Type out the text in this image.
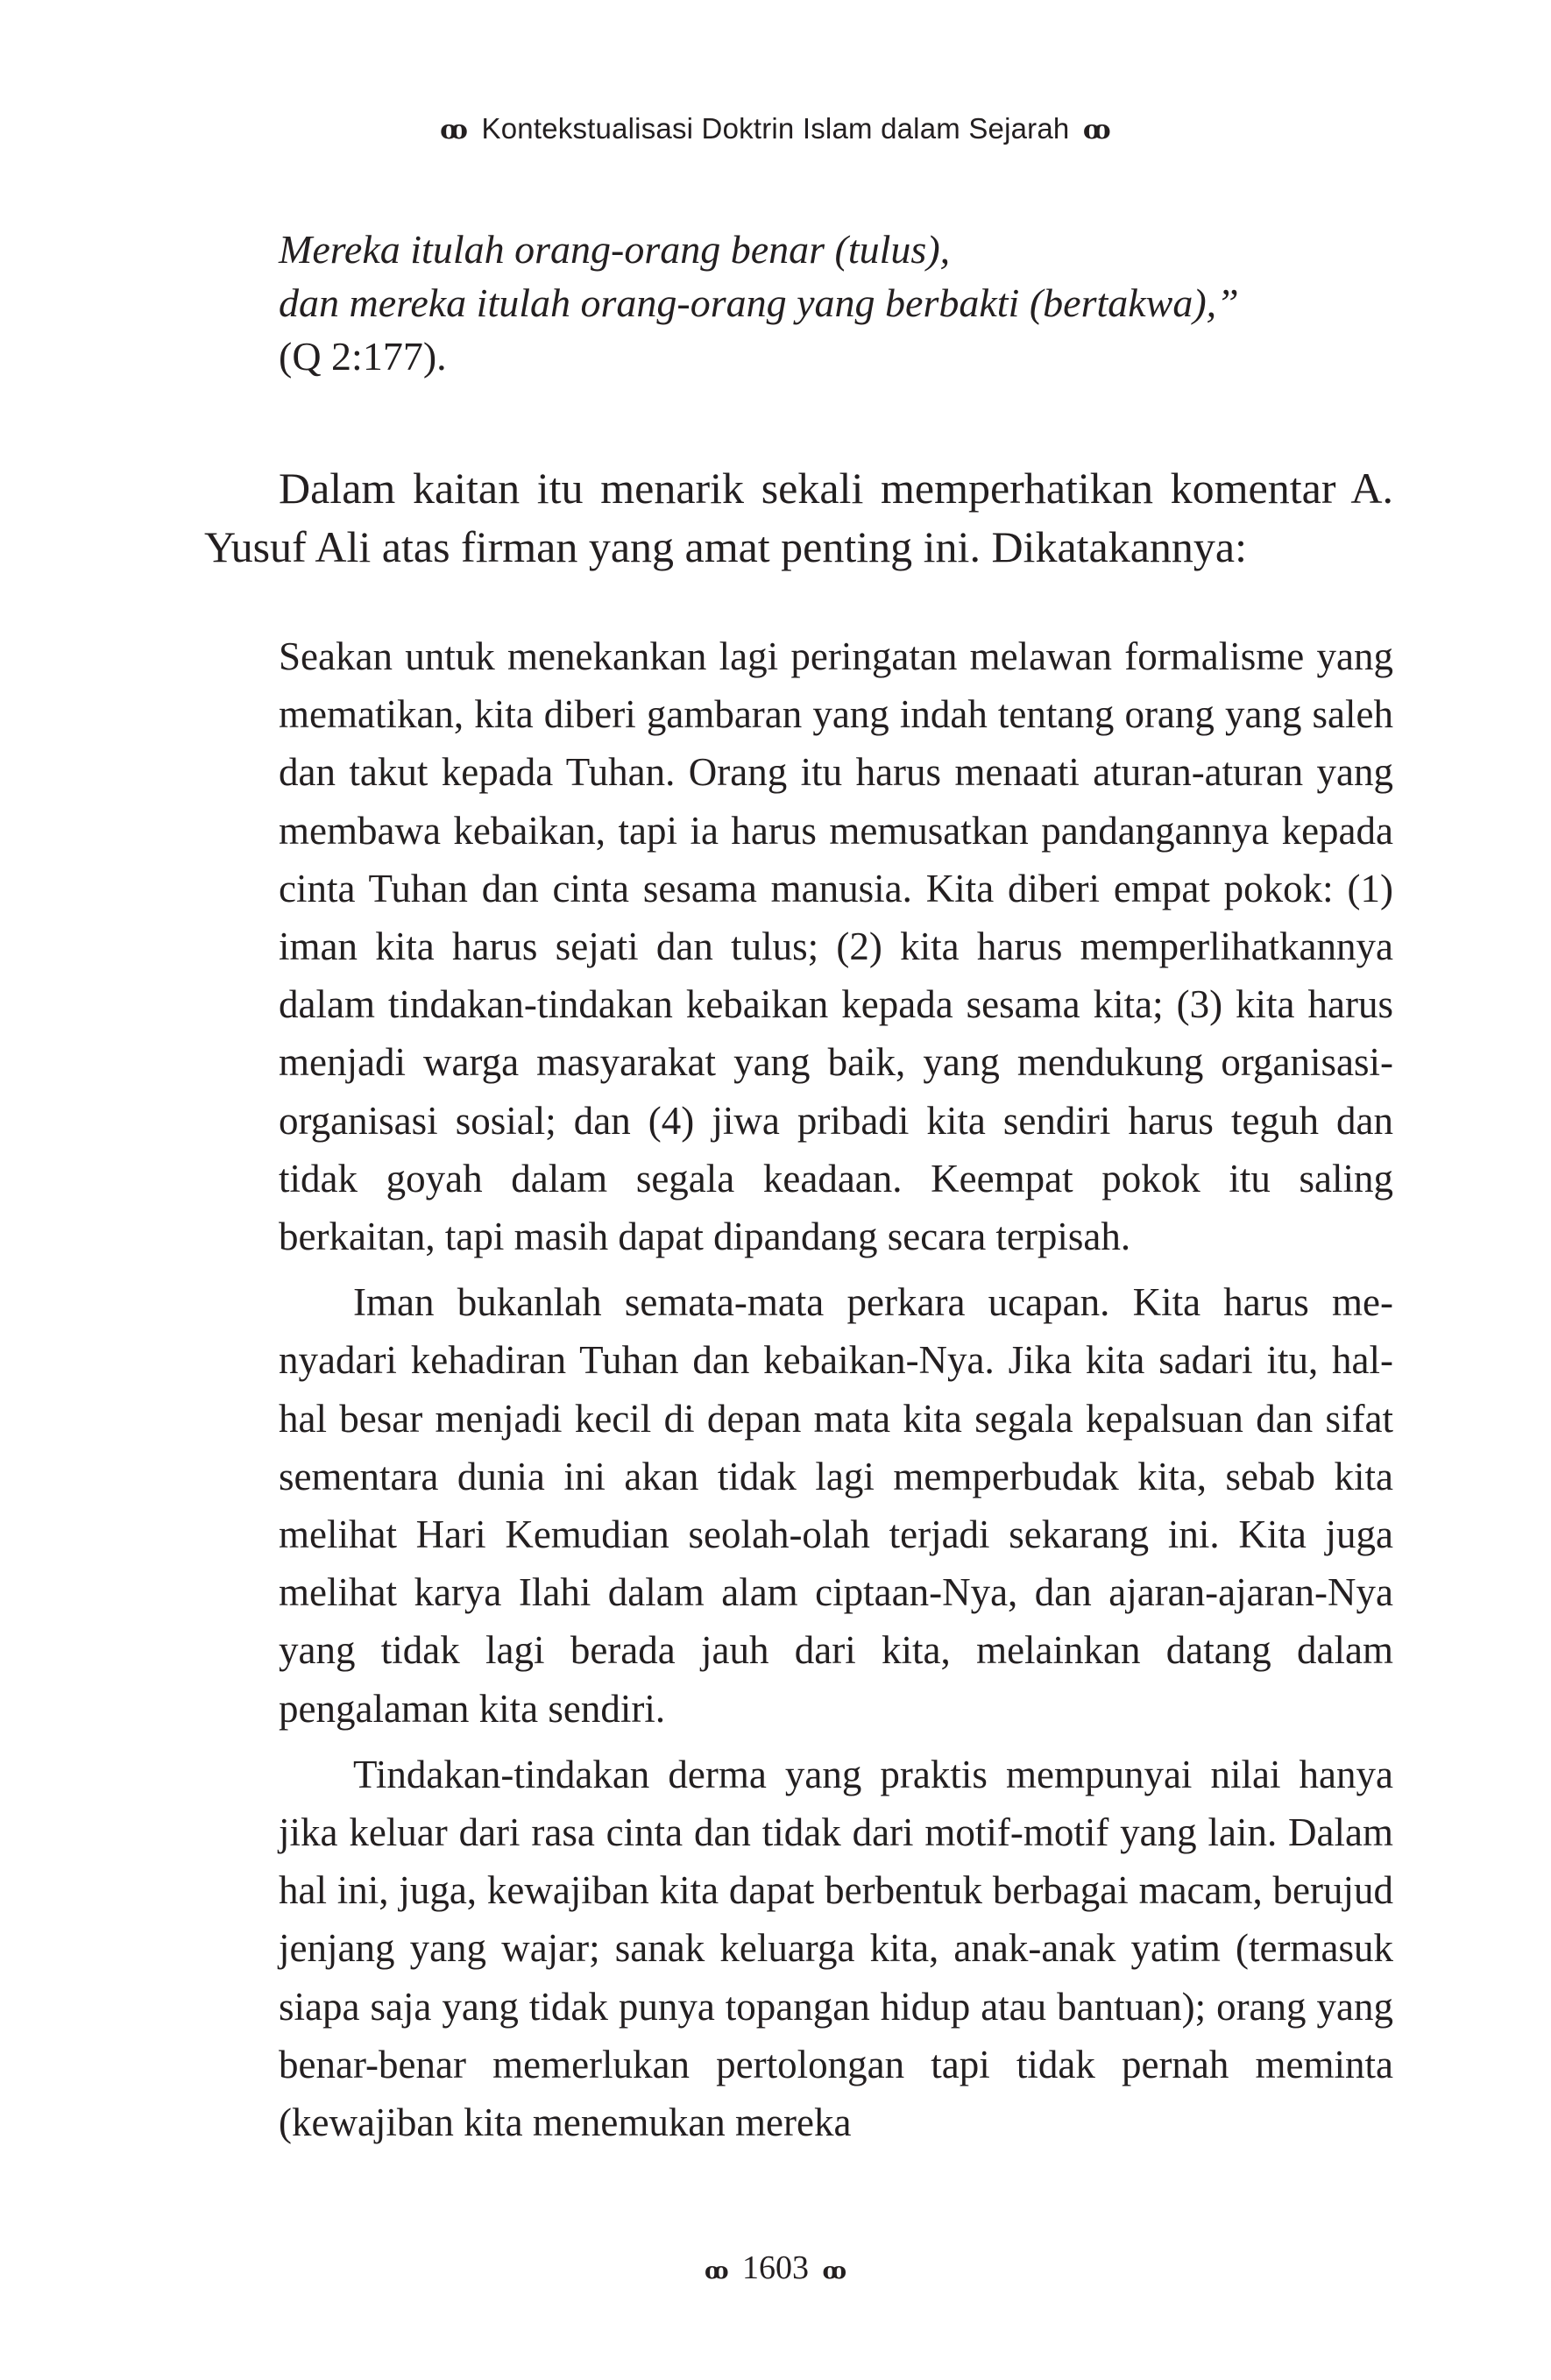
ꝏ Kontekstualisasi Doktrin Islam dalam Sejarah ꝏ
Mereka itulah orang-orang benar (tulus),
dan mereka itulah orang-orang yang berbakti (bertakwa),”
(Q 2:177).

Dalam kaitan itu menarik sekali memperhatikan komentar A. Yusuf Ali atas firman yang amat penting ini. Dikatakannya:

Seakan untuk menekankan lagi peringatan melawan formalisme yang mematikan, kita diberi gambaran yang indah tentang orang yang saleh dan takut kepada Tuhan. Orang itu harus menaati aturan-aturan yang membawa kebaikan, tapi ia harus memusatkan pandangannya kepada cinta Tuhan dan cinta sesama manusia. Kita diberi empat pokok: (1) iman kita harus sejati dan tulus; (2) kita harus memperlihatkannya dalam tindakan-tindakan kebaikan kepada sesama kita; (3) kita harus menjadi warga masyarakat yang baik, yang mendukung organisasi-organisasi sosial; dan (4) jiwa pribadi kita sendiri harus teguh dan tidak goyah dalam segala keadaan. Keempat pokok itu saling berkaitan, tapi masih dapat dipandang secara terpisah.

Iman bukanlah semata-mata perkara ucapan. Kita harus menyadari kehadiran Tuhan dan kebaikan-Nya. Jika kita sadari itu, hal-hal besar menjadi kecil di depan mata kita segala kepalsuan dan sifat sementara dunia ini akan tidak lagi memperbudak kita, sebab kita melihat Hari Kemudian seolah-olah terjadi sekarang ini. Kita juga melihat karya Ilahi dalam alam ciptaan-Nya, dan ajaran-ajaran-Nya yang tidak lagi berada jauh dari kita, melainkan datang dalam pengalaman kita sendiri.

Tindakan-tindakan derma yang praktis mempunyai nilai hanya jika keluar dari rasa cinta dan tidak dari motif-motif yang lain. Dalam hal ini, juga, kewajiban kita dapat berbentuk berbagai macam, berujud jenjang yang wajar; sanak keluarga kita, anak-anak yatim (termasuk siapa saja yang tidak punya topangan hidup atau bantuan); orang yang benar-benar memerlukan pertolongan tapi tidak pernah meminta (kewajiban kita menemukan mereka

ꝏ 1603 ꝏ
